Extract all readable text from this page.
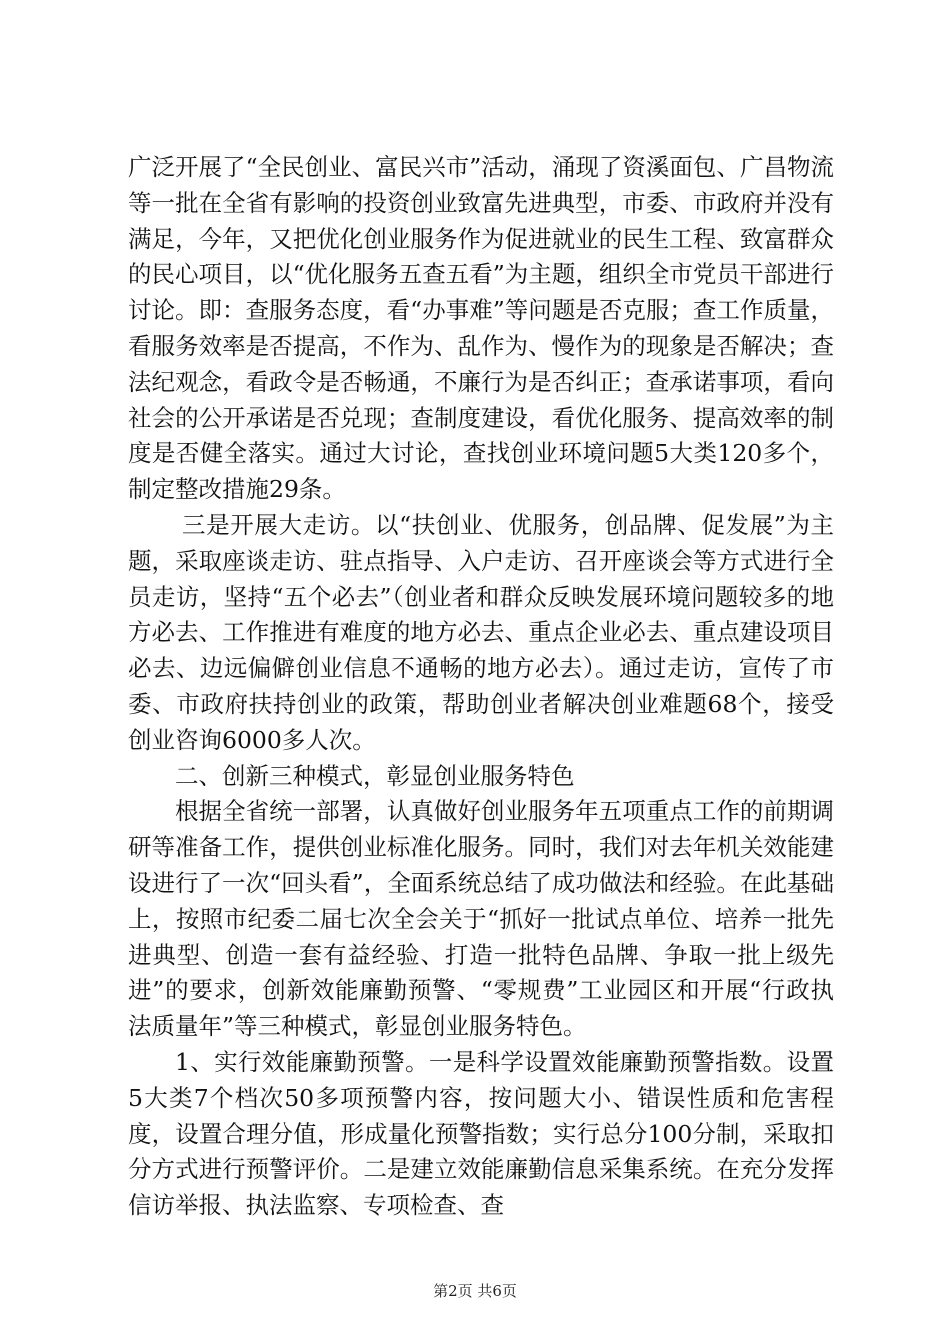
广泛开展了“全民创业、富民兴市”活动，涌现了资溪面包、广昌物流等一批在全省有影响的投资创业致富先进典型，市委、市政府并没有满足，今年，又把优化创业服务作为促进就业的民生工程、致富群众的民心项目，以“优化服务五查五看”为主题，组织全市党员干部进行讨论。即：查服务态度，看“办事难”等问题是否克服；查工作质量，看服务效率是否提高，不作为、乱作为、慢作为的现象是否解决；查法纪观念，看政令是否畅通，不廉行为是否纠正；查承诺事项，看向社会的公开承诺是否兑现；查制度建设，看优化服务、提高效率的制度是否健全落实。通过大讨论，查找创业环境问题5大类120多个，制定整改措施29条。

三是开展大走访。以“扶创业、优服务，创品牌、促发展”为主题，采取座谈走访、驻点指导、入户走访、召开座谈会等方式进行全员走访，坚持“五个必去”（创业者和群众反映发展环境问题较多的地方必去、工作推进有难度的地方必去、重点企业必去、重点建设项目必去、边远偏僻创业信息不通畅的地方必去）。通过走访，宣传了市委、市政府扶持创业的政策，帮助创业者解决创业难题68个，接受创业咨询6000多人次。

二、创新三种模式，彰显创业服务特色

根据全省统一部署，认真做好创业服务年五项重点工作的前期调研等准备工作，提供创业标准化服务。同时，我们对去年机关效能建设进行了一次“回头看”，全面系统总结了成功做法和经验。在此基础上，按照市纪委二届七次全会关于“抓好一批试点单位、培养一批先进典型、创造一套有益经验、打造一批特色品牌、争取一批上级先进”的要求，创新效能廉勤预警、“零规费”工业园区和开展“行政执法质量年”等三种模式，彰显创业服务特色。

1、实行效能廉勤预警。一是科学设置效能廉勤预警指数。设置5大类7个档次50多项预警内容，按问题大小、错误性质和危害程度，设置合理分值，形成量化预警指数；实行总分100分制，采取扣分方式进行预警评价。二是建立效能廉勤信息采集系统。在充分发挥信访举报、执法监察、专项检查、查

第2页 共6页
